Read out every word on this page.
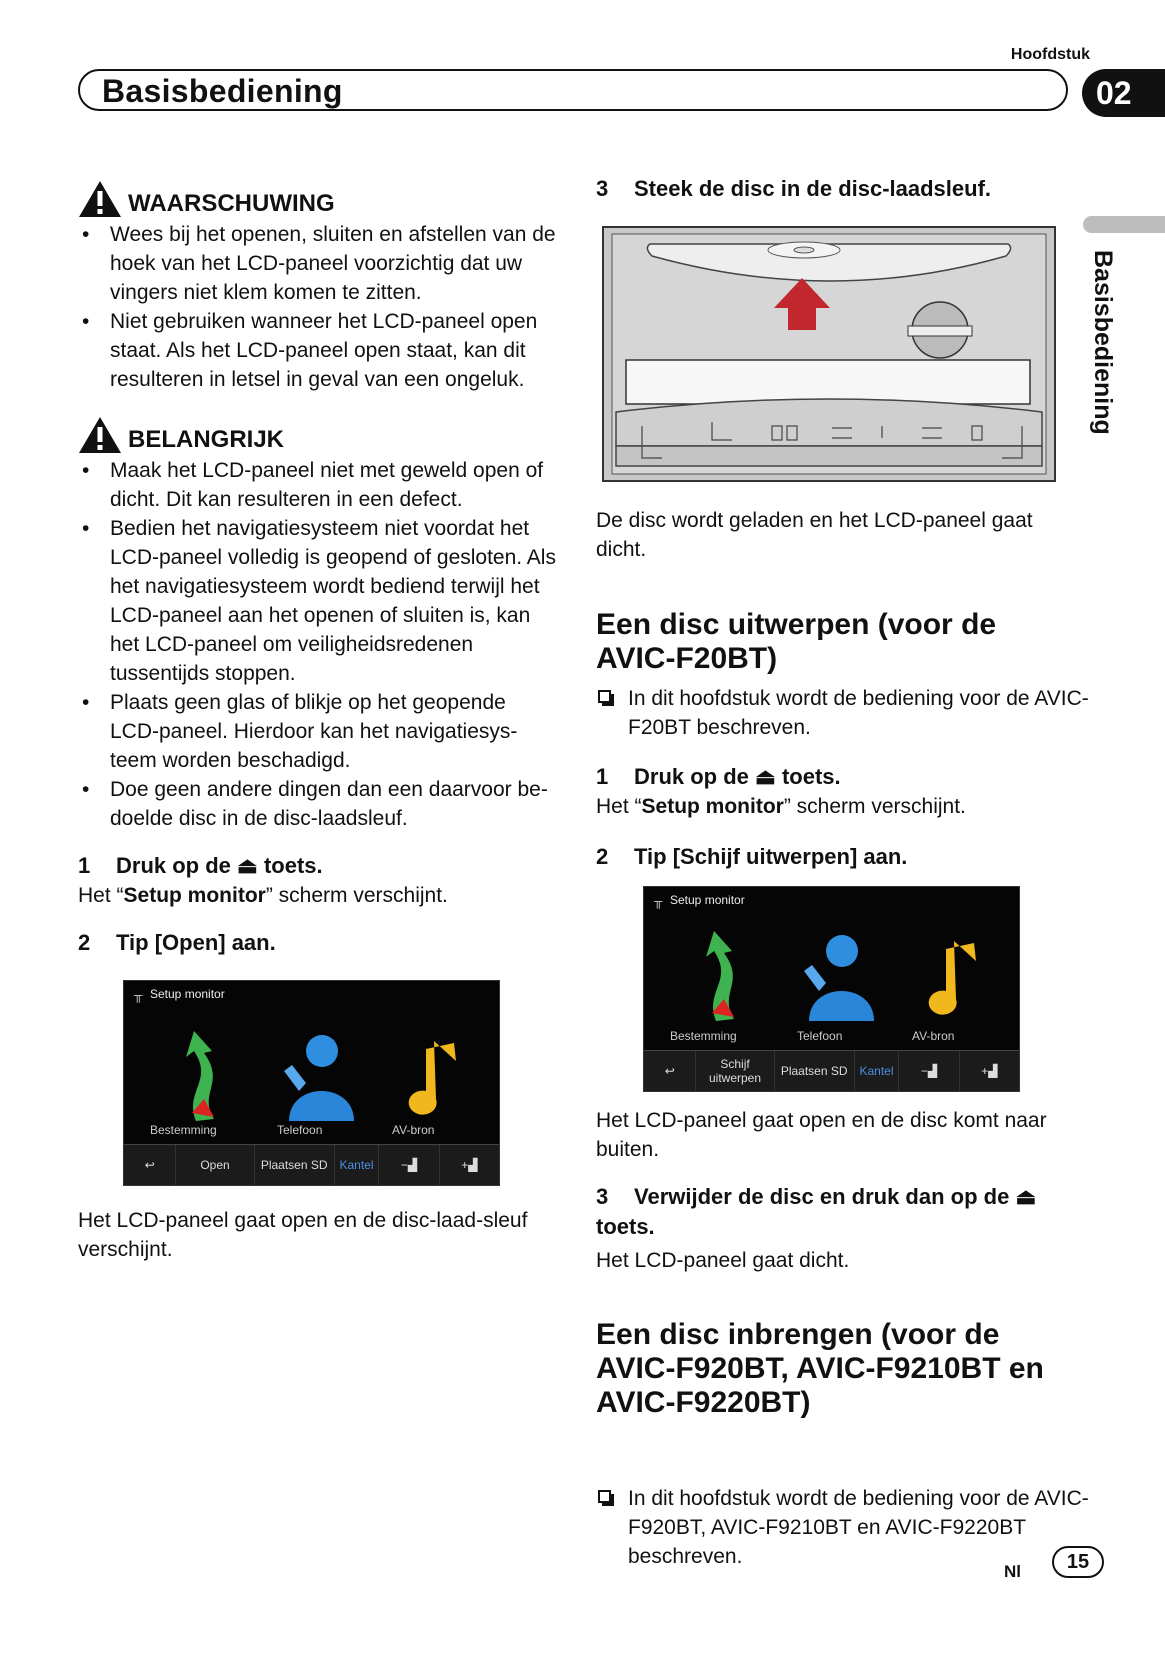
Hoofdstuk
Basisbediening	02
Basisbediening
WAARSCHUWING
• Wees bij het openen, sluiten en afstellen van de hoek van het LCD-paneel voorzichtig dat uw vingers niet klem komen te zitten.
• Niet gebruiken wanneer het LCD-paneel open staat. Als het LCD-paneel open staat, kan dit resulteren in letsel in geval van een ongeluk.
BELANGRIJK
• Maak het LCD-paneel niet met geweld open of dicht. Dit kan resulteren in een defect.
• Bedien het navigatiesysteem niet voordat het LCD-paneel volledig is geopend of gesloten. Als het navigatiesysteem wordt bediend terwijl het LCD-paneel aan het openen of sluiten is, kan het LCD-paneel om veiligheidsredenen tussentijds stoppen.
• Plaats geen glas of blikje op het geopende LCD-paneel. Hierdoor kan het navigatiesys-teem worden beschadigd.
• Doe geen andere dingen dan een daarvoor be-doelde disc in de disc-laadsleuf.
1 Druk op de ⏏ toets.
Het “Setup monitor” scherm verschijnt.
2 Tip [Open] aan.
╥ Setup monitor
Bestemming	Telefoon	AV-bron
↩	Open	Plaatsen SD Kantel	−▟	+▟
Het LCD-paneel gaat open en de disc-laad-sleuf verschijnt.
3 Steek de disc in de disc-laadsleuf.
De disc wordt geladen en het LCD-paneel gaat dicht.
Een disc uitwerpen (voor de AVIC-F20BT)
In dit hoofdstuk wordt de bediening voor de AVIC-F20BT beschreven.
1 Druk op de ⏏ toets.
Het “Setup monitor” scherm verschijnt.
2 Tip [Schijf uitwerpen] aan.
╥ Setup monitor
Bestemming	Telefoon	AV-bron
↩	Schijf uitwerpen	Plaatsen SD Kantel	−▟	+▟
Het LCD-paneel gaat open en de disc komt naar buiten.
3 Verwijder de disc en druk dan op de ⏏ toets.
Het LCD-paneel gaat dicht.
Een disc inbrengen (voor de AVIC-F920BT, AVIC-F9210BT en AVIC-F9220BT)
In dit hoofdstuk wordt de bediening voor de AVIC-F920BT, AVIC-F9210BT en AVIC-F9220BT beschreven.
Nl	15
